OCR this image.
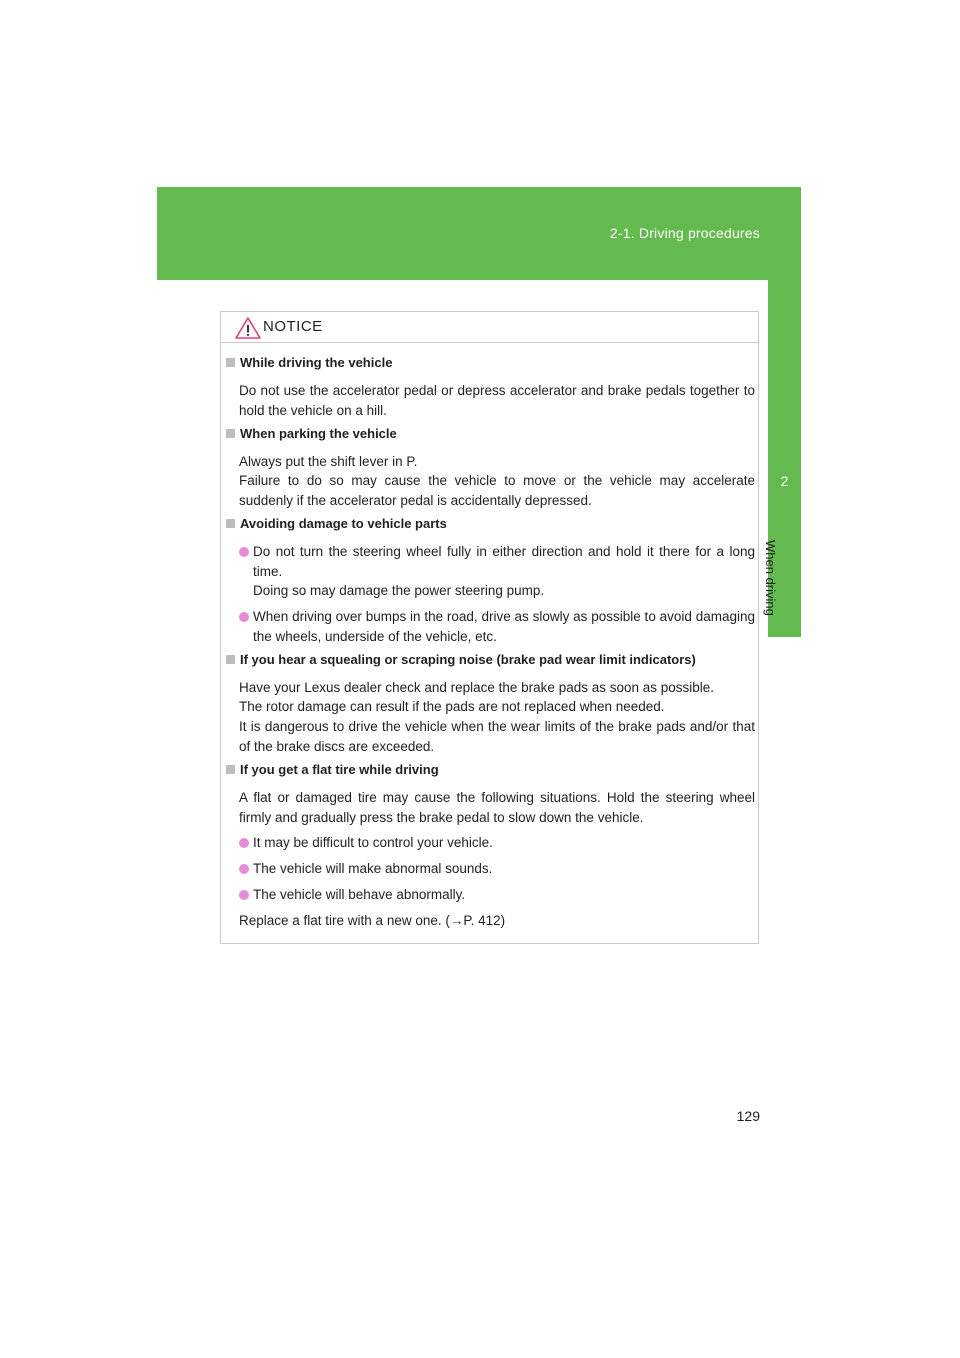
2-1. Driving procedures
2
When driving
NOTICE
While driving the vehicle
Do not use the accelerator pedal or depress accelerator and brake pedals together to hold the vehicle on a hill.
When parking the vehicle
Always put the shift lever in P.
Failure to do so may cause the vehicle to move or the vehicle may accelerate suddenly if the accelerator pedal is accidentally depressed.
Avoiding damage to vehicle parts
Do not turn the steering wheel fully in either direction and hold it there for a long time.
Doing so may damage the power steering pump.
When driving over bumps in the road, drive as slowly as possible to avoid damaging the wheels, underside of the vehicle, etc.
If you hear a squealing or scraping noise (brake pad wear limit indicators)
Have your Lexus dealer check and replace the brake pads as soon as possible.
The rotor damage can result if the pads are not replaced when needed.
It is dangerous to drive the vehicle when the wear limits of the brake pads and/or that of the brake discs are exceeded.
If you get a flat tire while driving
A flat or damaged tire may cause the following situations. Hold the steering wheel firmly and gradually press the brake pedal to slow down the vehicle.
It may be difficult to control your vehicle.
The vehicle will make abnormal sounds.
The vehicle will behave abnormally.
Replace a flat tire with a new one. (→P. 412)
129
